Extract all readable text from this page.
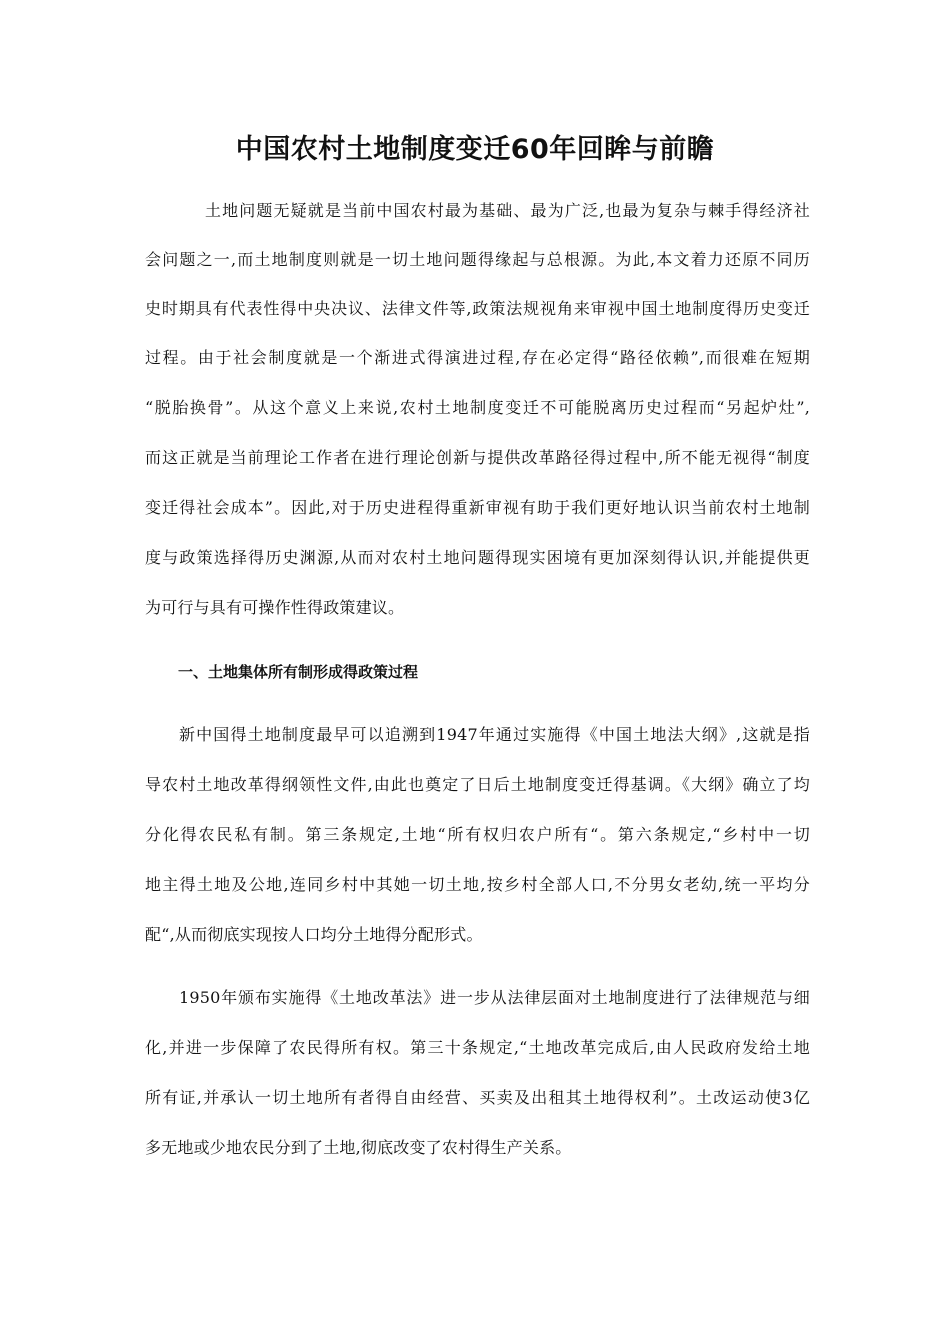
中国农村土地制度变迁60年回眸与前瞻
土地问题无疑就是当前中国农村最为基础、最为广泛,也最为复杂与棘手得经济社
会问题之一,而土地制度则就是一切土地问题得缘起与总根源。为此,本文着力还原不同历
史时期具有代表性得中央决议、法律文件等,政策法规视角来审视中国土地制度得历史变迁
过程。由于社会制度就是一个渐进式得演进过程,存在必定得“路径依赖”,而很难在短期
“脱胎换骨”。从这个意义上来说,农村土地制度变迁不可能脱离历史过程而“另起炉灶”,
而这正就是当前理论工作者在进行理论创新与提供改革路径得过程中,所不能无视得“制度
变迁得社会成本”。因此,对于历史进程得重新审视有助于我们更好地认识当前农村土地制
度与政策选择得历史渊源,从而对农村土地问题得现实困境有更加深刻得认识,并能提供更
为可行与具有可操作性得政策建议。
一、土地集体所有制形成得政策过程
新中国得土地制度最早可以追溯到1947年通过实施得《中国土地法大纲》,这就是指
导农村土地改革得纲领性文件,由此也奠定了日后土地制度变迁得基调。《大纲》确立了均
分化得农民私有制。第三条规定,土地“所有权归农户所有“。第六条规定,“乡村中一切
地主得土地及公地,连同乡村中其她一切土地,按乡村全部人口,不分男女老幼,统一平均分
配“,从而彻底实现按人口均分土地得分配形式。
1950年颁布实施得《土地改革法》进一步从法律层面对土地制度进行了法律规范与细
化,并进一步保障了农民得所有权。第三十条规定,“土地改革完成后,由人民政府发给土地
所有证,并承认一切土地所有者得自由经营、买卖及出租其土地得权利”。土改运动使3亿
多无地或少地农民分到了土地,彻底改变了农村得生产关系。
